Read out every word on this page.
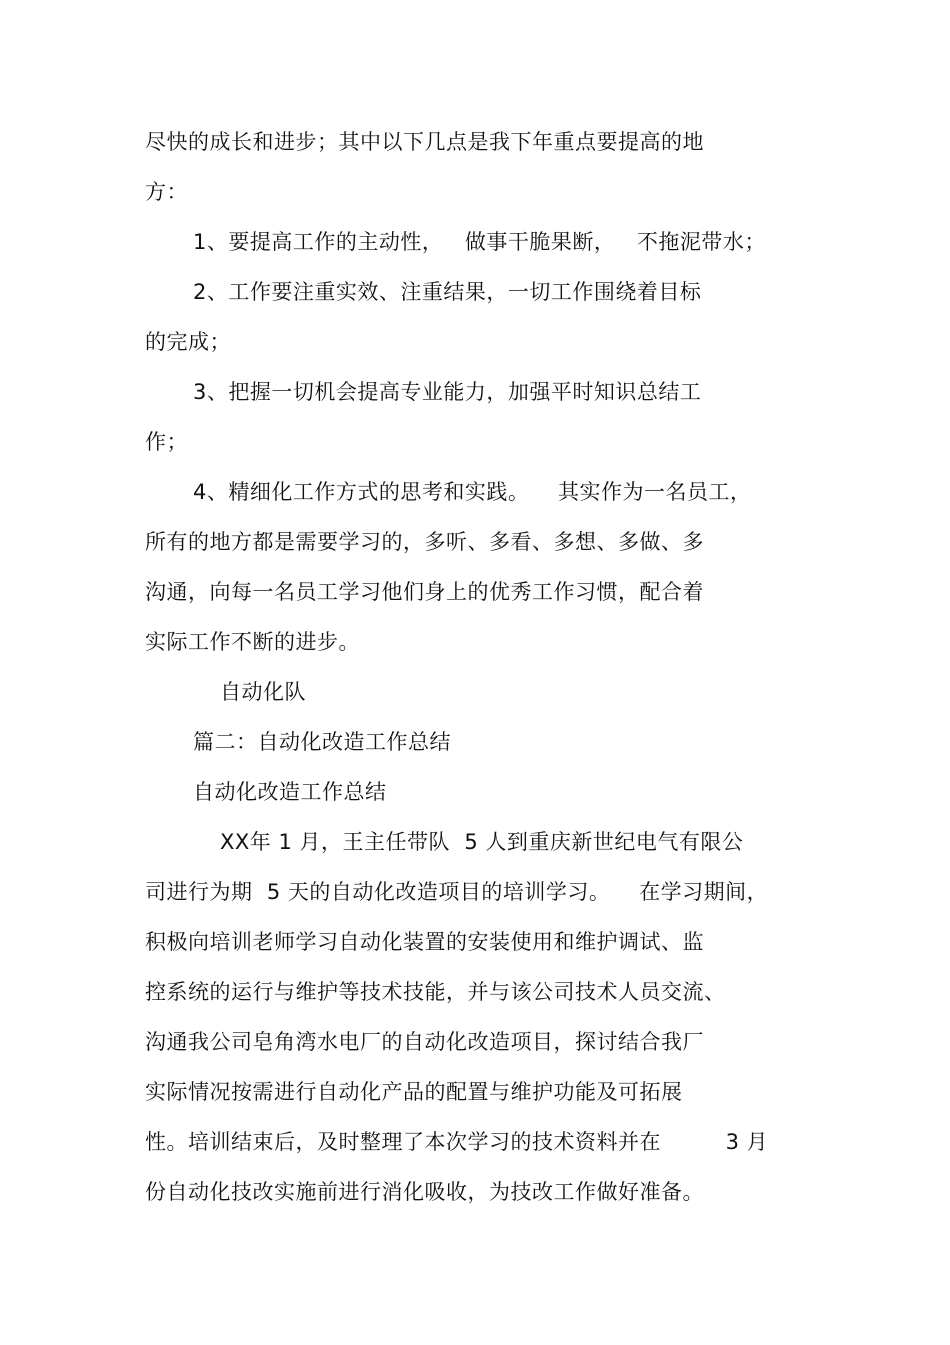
尽快的成长和进步；其中以下几点是我下年重点要提高的地
方：
1、要提高工作的主动性，   做事干脆果断，   不拖泥带水；
2、工作要注重实效、注重结果，一切工作围绕着目标
的完成；
3、把握一切机会提高专业能力，加强平时知识总结工
作；
4、精细化工作方式的思考和实践。    其实作为一名员工，
所有的地方都是需要学习的，多听、多看、多想、多做、多
沟通，向每一名员工学习他们身上的优秀工作习惯，配合着
实际工作不断的进步。
自动化队
篇二：自动化改造工作总结
自动化改造工作总结
XX年 1 月，王主任带队  5 人到重庆新世纪电气有限公
司进行为期  5 天的自动化改造项目的培训学习。    在学习期间，
积极向培训老师学习自动化装置的安装使用和维护调试、监
控系统的运行与维护等技术技能，并与该公司技术人员交流、
沟通我公司皂角湾水电厂的自动化改造项目，探讨结合我厂
实际情况按需进行自动化产品的配置与维护功能及可拓展
性。培训结束后，及时整理了本次学习的技术资料并在         3 月
份自动化技改实施前进行消化吸收，为技改工作做好准备。
